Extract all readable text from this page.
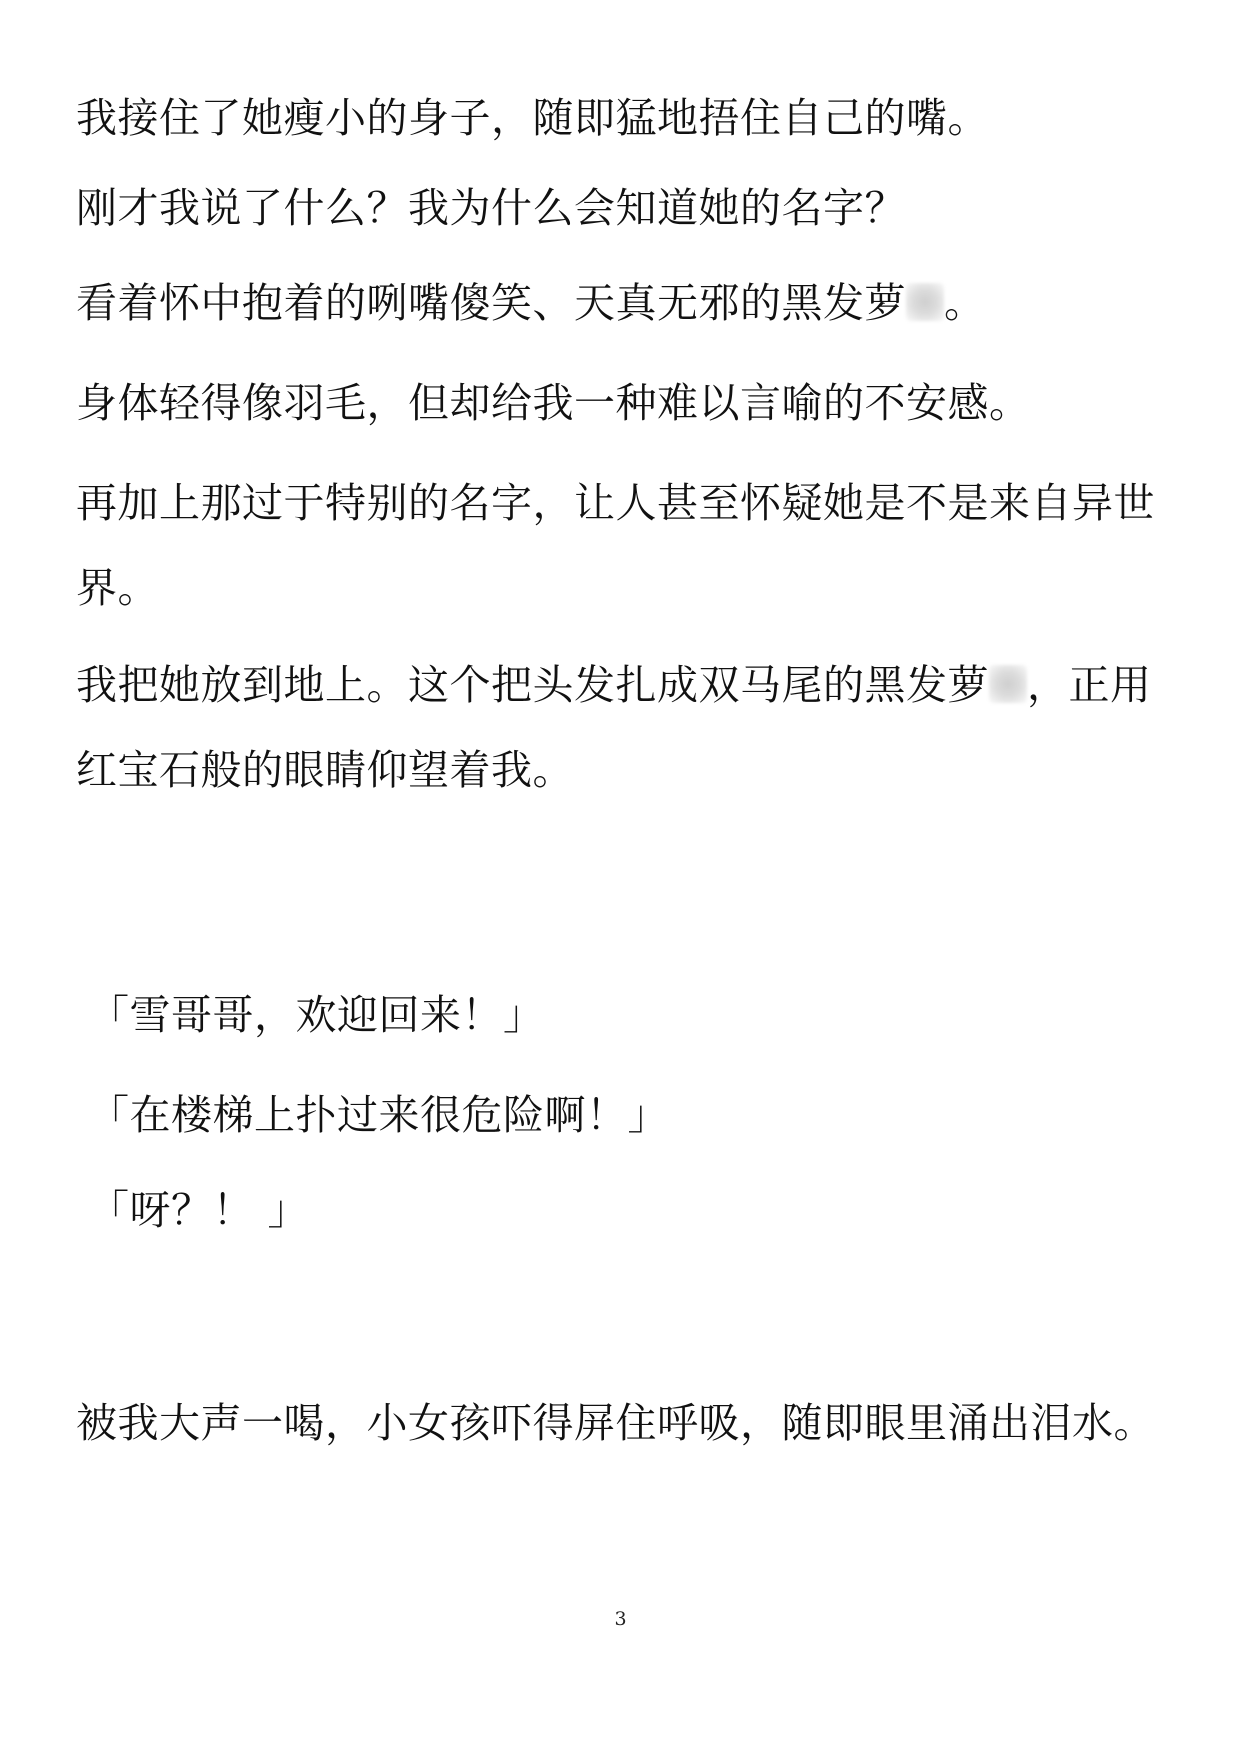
我接住了她瘦小的身子，随即猛地捂住自己的嘴。
刚才我说了什么？我为什么会知道她的名字？
看着怀中抱着的咧嘴傻笑、天真无邪的黑发萝 。
身体轻得像羽毛，但却给我一种难以言喻的不安感。
再加上那过于特别的名字，让人甚至怀疑她是不是来自异世
界。
我把她放到地上。这个把头发扎成双马尾的黑发萝 ，正用
红宝石般的眼睛仰望着我。
「雪哥哥，欢迎回来！」
「在楼梯上扑过来很危险啊！」
「呀？！ 」
被我大声一喝，小女孩吓得屏住呼吸，随即眼里涌出泪水。
3
